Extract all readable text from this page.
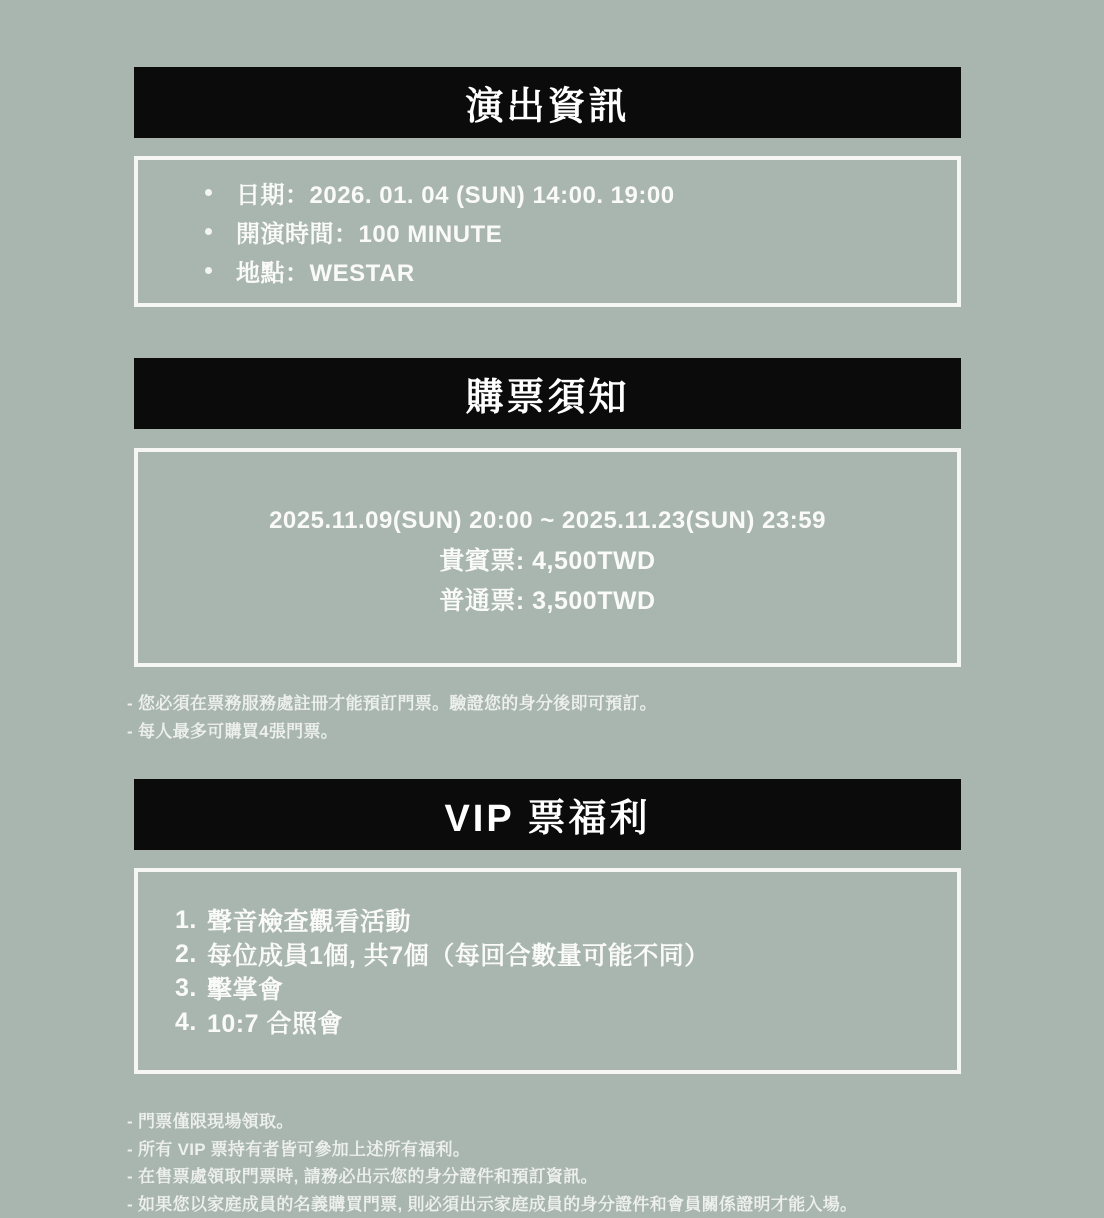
演出資訊
日期：2026. 01. 04 (SUN) 14:00. 19:00
開演時間：100 MINUTE
地點：WESTAR
購票須知
2025.11.09(SUN) 20:00 ~ 2025.11.23(SUN) 23:59
貴賓票: 4,500TWD
普通票: 3,500TWD
- 您必須在票務服務處註冊才能預訂門票。驗證您的身分後即可預訂。
- 每人最多可購買4張門票。
VIP 票福利
1. 聲音檢查觀看活動
2. 每位成員1個, 共7個（每回合數量可能不同）
3. 擊掌會
4. 10:7 合照會
- 門票僅限現場領取。
- 所有 VIP 票持有者皆可參加上述所有福利。
- 在售票處領取門票時, 請務必出示您的身分證件和預訂資訊。
- 如果您以家庭成員的名義購買門票, 則必須出示家庭成員的身分證件和會員關係證明才能入場。
